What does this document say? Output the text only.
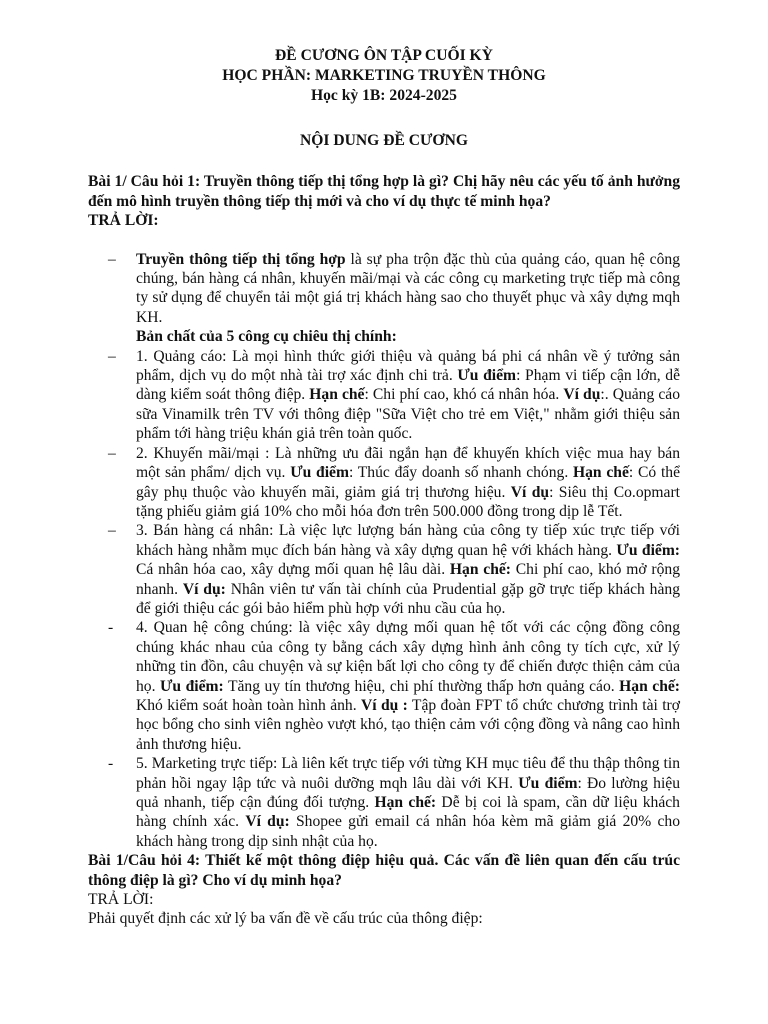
ĐỀ CƯƠNG ÔN TẬP CUỐI KỲ
HỌC PHẦN: MARKETING TRUYỀN THÔNG
Học kỳ 1B: 2024-2025
NỘI DUNG ĐỀ CƯƠNG
Bài 1/ Câu hỏi 1: Truyền thông tiếp thị tổng hợp là gì? Chị hãy nêu các yếu tố ảnh hưởng đến mô hình truyền thông tiếp thị mới và cho ví dụ thực tế minh họa?
TRẢ LỜI:
– Truyền thông tiếp thị tổng hợp là sự pha trộn đặc thù của quảng cáo, quan hệ công chúng, bán hàng cá nhân, khuyến mãi/mại và các công cụ marketing trực tiếp mà công ty sử dụng để chuyển tải một giá trị khách hàng sao cho thuyết phục và xây dựng mqh KH.
Bản chất của 5 công cụ chiêu thị chính:
– 1. Quảng cáo: Là mọi hình thức giới thiệu và quảng bá phi cá nhân về ý tưởng sản phẩm, dịch vụ do một nhà tài trợ xác định chi trả. Ưu điểm: Phạm vi tiếp cận lớn, dễ dàng kiểm soát thông điệp. Hạn chế: Chi phí cao, khó cá nhân hóa. Ví dụ:. Quảng cáo sữa Vinamilk trên TV với thông điệp "Sữa Việt cho trẻ em Việt," nhằm giới thiệu sản phẩm tới hàng triệu khán giả trên toàn quốc.
– 2. Khuyến mãi/mại : Là những ưu đãi ngắn hạn để khuyến khích việc mua hay bán một sản phẩm/ dịch vụ. Ưu điểm: Thúc đẩy doanh số nhanh chóng. Hạn chế: Có thể gây phụ thuộc vào khuyến mãi, giảm giá trị thương hiệu. Ví dụ: Siêu thị Co.opmart tặng phiếu giảm giá 10% cho mỗi hóa đơn trên 500.000 đồng trong dịp lễ Tết.
– 3. Bán hàng cá nhân: Là việc lực lượng bán hàng của công ty tiếp xúc trực tiếp với khách hàng nhằm mục đích bán hàng và xây dựng quan hệ với khách hàng. Ưu điểm: Cá nhân hóa cao, xây dựng mối quan hệ lâu dài. Hạn chế: Chi phí cao, khó mở rộng nhanh. Ví dụ: Nhân viên tư vấn tài chính của Prudential gặp gỡ trực tiếp khách hàng để giới thiệu các gói bảo hiểm phù hợp với nhu cầu của họ.
- 4. Quan hệ công chúng: là việc xây dựng mối quan hệ tốt với các cộng đồng công chúng khác nhau của công ty bằng cách xây dựng hình ảnh công ty tích cực, xử lý những tin đồn, câu chuyện và sự kiện bất lợi cho công ty để chiến được thiện cảm của họ. Ưu điểm: Tăng uy tín thương hiệu, chi phí thường thấp hơn quảng cáo. Hạn chế: Khó kiểm soát hoàn toàn hình ảnh. Ví dụ : Tập đoàn FPT tổ chức chương trình tài trợ học bổng cho sinh viên nghèo vượt khó, tạo thiện cảm với cộng đồng và nâng cao hình ảnh thương hiệu.
- 5. Marketing trực tiếp: Là liên kết trực tiếp với từng KH mục tiêu để thu thập thông tin phản hồi ngay lập tức và nuôi dưỡng mqh lâu dài với KH. Ưu điểm: Đo lường hiệu quả nhanh, tiếp cận đúng đối tượng. Hạn chế: Dễ bị coi là spam, cần dữ liệu khách hàng chính xác. Ví dụ: Shopee gửi email cá nhân hóa kèm mã giảm giá 20% cho khách hàng trong dịp sinh nhật của họ.
Bài 1/Câu hỏi 4: Thiết kế một thông điệp hiệu quả. Các vấn đề liên quan đến cấu trúc thông điệp là gì? Cho ví dụ minh họa?
TRẢ LỜI:
Phải quyết định các xử lý ba vấn đề về cấu trúc của thông điệp:
